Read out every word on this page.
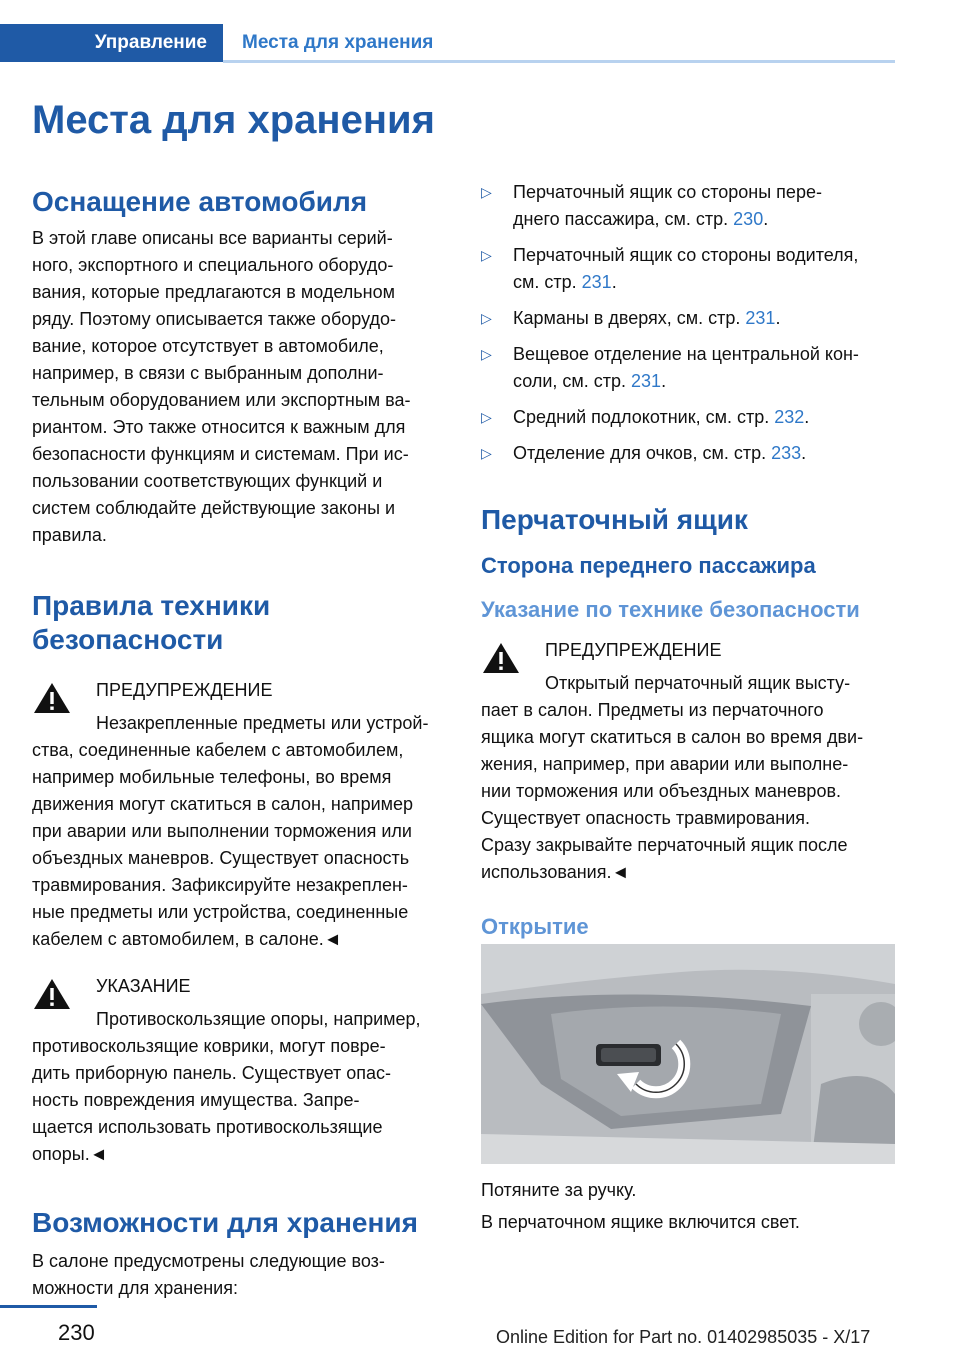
Управление	Места для хранения
Места для хранения
Оснащение автомобиля

В этой главе описаны все варианты серий-
ного, экспортного и специального оборудо-
вания, которые предлагаются в модельном
ряду. Поэтому описывается также оборудо-
вание, которое отсутствует в автомобиле,
например, в связи с выбранным дополни-
тельным оборудованием или экспортным ва-
риантом. Это также относится к важным для
безопасности функциям и системам. При ис-
пользовании соответствующих функций и
систем соблюдайте действующие законы и
правила.

Правила техники
безопасности

ПРЕДУПРЕЖДЕНИЕ

Незакрепленные предметы или устрой-

ства, соединенные кабелем с автомобилем,
например мобильные телефоны, во время
движения могут скатиться в салон, например
при аварии или выполнении торможения или
объездных маневров. Существует опасность
травмирования. Зафиксируйте незакреплен-
ные предметы или устройства, соединенные
кабелем с автомобилем, в салоне.◄

УКАЗАНИЕ

Противоскользящие опоры, например,

противоскользящие коврики, могут повре-
дить приборную панель. Существует опас-
ность повреждения имущества. Запре-
щается использовать противоскользящие
опоры.◄

Возможности для хранения

В салоне предусмотрены следующие воз-
можности для хранения:

▷ Перчаточный ящик со стороны пере-
днего пассажира, см. стр. 230.
▷ Перчаточный ящик со стороны водителя,
см. стр. 231.
▷ Карманы в дверях, см. стр. 231.
▷ Вещевое отделение на центральной кон-
соли, см. стр. 231.
▷ Средний подлокотник, см. стр. 232.
▷ Отделение для очков, см. стр. 233.
Перчаточный ящик
Сторона переднего пассажира
Указание по технике безопасности

ПРЕДУПРЕЖДЕНИЕ

Открытый перчаточный ящик высту-

пает в салон. Предметы из перчаточного
ящика могут скатиться в салон во время дви-
жения, например, при аварии или выполне-
нии торможения или объездных маневров.
Существует опасность травмирования.
Сразу закрывайте перчаточный ящик после
использования.◄

Открытие

Потяните за ручку.

В перчаточном ящике включится свет.

230	Online Edition for Part no. 01402985035 - X/17
